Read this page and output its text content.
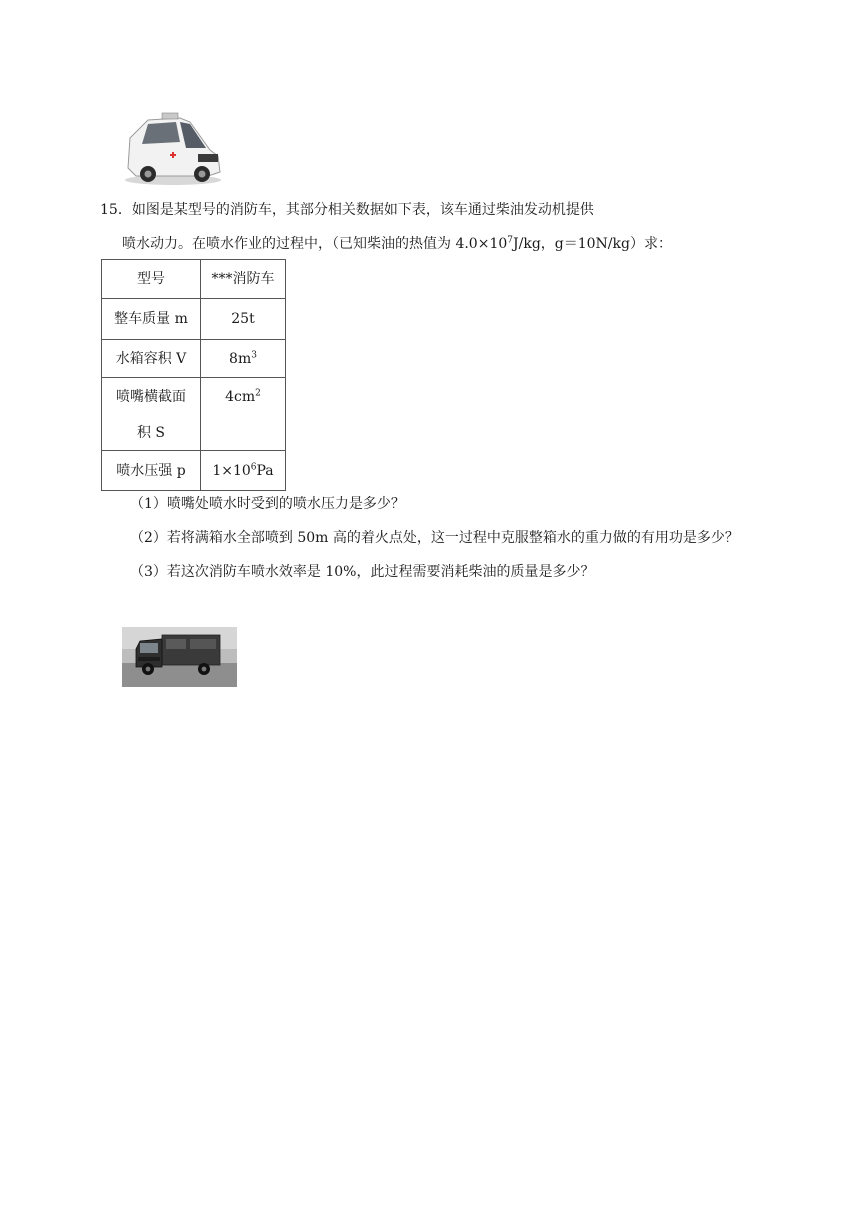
15．如图是某型号的消防车，其部分相关数据如下表，该车通过柴油发动机提供
喷水动力。在喷水作业的过程中，（已知柴油的热值为 $4.0\times 10^7J/kg$，g＝10N/kg）求：
型号	***消防车
整车质量 m	25t
水箱容积 V	$8m^3$

喷嘴横截面
积 S	$4cm^2$

喷水压强 p	$1\times 10^6Pa$
（1）喷嘴处喷水时受到的喷水压力是多少？
（2）若将满箱水全部喷到 50m 高的着火点处，这一过程中克服整箱水的重力做的有用功是多少？
（3）若这次消防车喷水效率是 10%，此过程需要消耗柴油的质量是多少？
